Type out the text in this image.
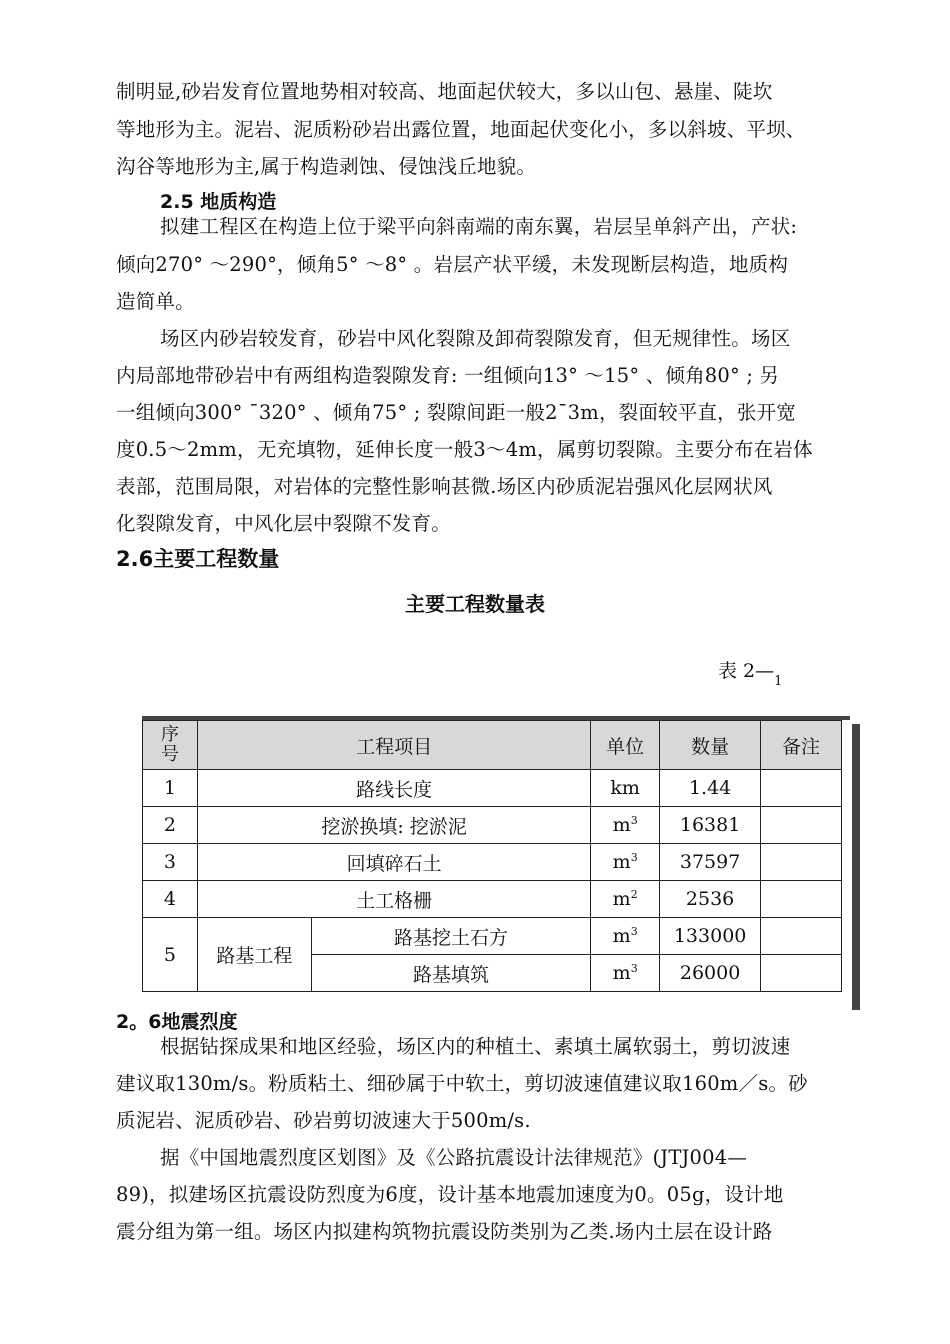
制明显,砂岩发育位置地势相对较高、地面起伏较大，多以山包、悬崖、陡坎
等地形为主。泥岩、泥质粉砂岩出露位置，地面起伏变化小，多以斜坡、平坝、
沟谷等地形为主,属于构造剥蚀、侵蚀浅丘地貌。
2.5 地质构造
拟建工程区在构造上位于梁平向斜南端的南东翼，岩层呈单斜产出，产状:
倾向270° ～290°，倾角5° ～8° 。岩层产状平缓，未发现断层构造，地质构
造简单。
场区内砂岩较发育，砂岩中风化裂隙及卸荷裂隙发育，但无规律性。场区
内局部地带砂岩中有两组构造裂隙发育: 一组倾向13° ～15° 、倾角80° ; 另
一组倾向300° ¯320° 、倾角75° ; 裂隙间距一般2¯3m，裂面较平直，张开宽
度0.5～2mm，无充填物，延伸长度一般3～4m，属剪切裂隙。主要分布在岩体
表部，范围局限，对岩体的完整性影响甚微.场区内砂质泥岩强风化层网状风
化裂隙发育，中风化层中裂隙不发育。
2.6主要工程数量
主要工程数量表
表 $2—_1$
序
号	工程项目		单位	数量	备注
1	路线长度		km	1.44	
2	挖淤换填: 挖淤泥		$m^3$	16381	
3	回填碎石土		$m^3$	37597	
4	土工格栅		$m^2$	2536	
5	路基工程	路基挖土石方	$m^3$	133000	
		路基填筑	$m^3$	26000	
2。6地震烈度
根据钻探成果和地区经验，场区内的种植土、素填土属软弱土，剪切波速
建议取130m/s。粉质粘土、细砂属于中软土，剪切波速值建议取160m／s。砂
质泥岩、泥质砂岩、砂岩剪切波速大于500m/s.
据《中国地震烈度区划图》及《公路抗震设计法律规范》(JTJ004—
89)，拟建场区抗震设防烈度为6度，设计基本地震加速度为0。05g，设计地
震分组为第一组。场区内拟建构筑物抗震设防类别为乙类.场内土层在设计路
